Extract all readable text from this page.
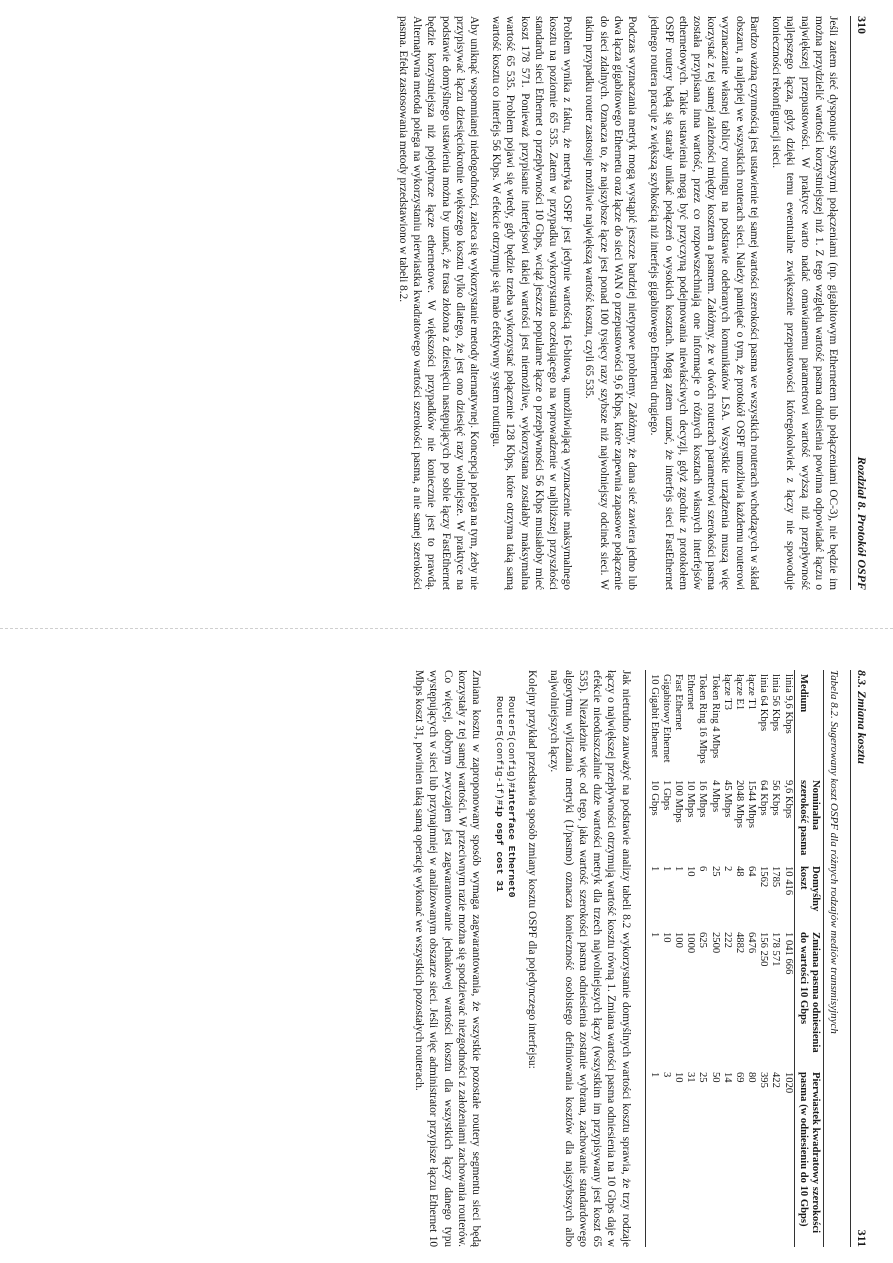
310
Rozdział 8. Protokół OSPF

Jeśli zatem sieć dysponuje szybszymi połączeniami (np. gigabitowym Ethernetem lub połączeniami OC-3), nie będzie im można przydzielić wartości korzystniejszej niż 1. Z tego względu wartość pasma odniesienia powinna odpowiadać łączu o największej przepustowości. W praktyce warto nadać omawianemu parametrowi wartość wyższą niż przepływność najlepszego łącza, gdyż dzięki temu ewentualne zwiększenie przepustowości któregokolwiek z łączy nie spowoduje konieczności rekonfiguracji sieci.

Bardzo ważną czynnością jest ustawienie tej samej wartości szerokości pasma we wszystkich routerach wchodzących w skład obszaru, a najlepiej we wszystkich routerach sieci. Należy pamiętać o tym, że protokół OSPF umożliwia każdemu routerowi wyznaczanie własnej tablicy routingu na podstawie odebranych komunikatów LSA. Wszystkie urządzenia muszą więc korzystać z tej samej zależności między kosztem a pasmem. Załóżmy, że w dwóch routerach parametrowi szerokości pasma została przypisana inna wartość, przez co rozpowszechniają one informacje o różnych kosztach własnych interfejsów ethernetowych. Takie ustawienia mogą być przyczyną podejmowania niewłaściwych decyzji, gdyż zgodnie z protokołem OSPF routery będą się starały unikać połączeń o wysokich kosztach. Mogą zatem uznać, że interfejs sieci FastEthernet jednego routera pracuje z większą szybkością niż interfejs gigabitowego Ethernetu drugiego.

Podczas wyznaczania metryk mogą wystąpić jeszcze bardziej nietypowe problemy. Załóżmy, że dana sieć zawiera jedno lub dwa łącza gigabitowego Ethernetu oraz łącze do sieci WAN o przepustowości 9,6 Kbps, które zapewnia zapasowe połączenie do sieci zdalnych. Oznacza to, że najszybsze łącze jest ponad 100 tysięcy razy szybsze niż najwolniejszy odcinek sieci. W takim przypadku router zastosuje możliwie największą wartość kosztu, czyli 65 535.

Problem wynika z faktu, że metryka OSPF jest jedynie wartością 16-bitową, umożliwiającą wyznaczenie maksymalnego kosztu na poziomie 65 535. Zatem w przypadku wykorzystania oczekującego na wprowadzenie w najbliższej przyszłości standardu sieci Ethernet o przepływności 10 Gbps, wciąż jeszcze popularne łącze o przepływności 56 Kbps musiałoby mieć koszt 178 571. Ponieważ przypisanie interfejsowi takiej wartości jest niemożliwe, wykorzystana zostałaby maksymalna wartość 65 535. Problem pojawi się wtedy, gdy będzie trzeba wykorzystać połączenie 128 Kbps, które otrzyma taką samą wartość kosztu co interfejs 56 Kbps. W efekcie otrzymuje się mało efektywny system routingu.

Aby uniknąć wspomnianej niedogodności, zaleca się wykorzystanie metody alternatywnej. Koncepcja polega na tym, żeby nie przypisywać łączu dziesięciokrotnie większego kosztu tylko dlatego, że jest ono dziesięć razy wolniejsze. W praktyce na podstawie domyślnego ustawienia można by uznać, że trasa złożona z dziesięciu następujących po sobie łączy FastEthernet będzie korzystniejsza niż pojedyncze łącze ethernetowe. W większości przypadków nie koniecznie jest to prawdą. Alternatywna metoda polega na wykorzystaniu pierwiastka kwadratowego wartości szerokości pasma, a nie samej szerokości pasma. Efekt zastosowania metody przedstawiono w tabeli 8.2.

8.3. Zmiana kosztu
311
Tabela 8.2. Sugerowany koszt OSPF dla różnych rodzajów mediów transmisyjnych
Medium	Nominalna szerokość pasma	Domyślny koszt	Zmiana pasma odniesienia do wartości 10 Gbps	Pierwiastek kwadratowy szerokości pasma (w odniesieniu do 10 Gbps)
linia 9,6 Kbps	9,6 Kbps	10 416	1 041 666	1020
linia 56 Kbps	56 Kbps	1785	178 571	422
linia 64 Kbps	64 Kbps	1562	156 250	395
łącze T1	1544 Mbps	64	6476	80
łącze E1	2048 Mbps	48	4882	69
łącze T3	45 Mbps	2	222	14
Token Ring 4 Mbps	4 Mbps	25	2500	50
Token Ring 16 Mbps	16 Mbps	6	625	25
Ethernet	10 Mbps	10	1000	31
Fast Ethernet	100 Mbps	1	100	10
Gigabitowy Ethernet	1 Gbps	1	10	3
10 Gigabit Ethernet	10 Gbps	1	1	1

Jak nietrudno zauważyć na podstawie analizy tabeli 8.2 wykorzystanie domyślnych wartości kosztu sprawia, że trzy rodzaje łączy o największej przepływności otrzymują wartość kosztu równą 1. Zmiana wartości pasma odniesienia na 10 Gbps daje w efekcie nieoduszczalnie duże wartości metryk dla trzech najwolniejszych łączy (wszystkim im przypisywany jest koszt 65 535). Niezależnie więc od tego, jaka wartość szerokości pasma odniesienia zostanie wybrana, zachowanie standardowego algorytmu wyliczania metryki (1/pasmo) oznacza konieczność osobistego definiowania kosztów dla najszybszych albo najwolniejszych łączy.

Kolejny przykład przedstawia sposób zmiany kosztu OSPF dla pojedynczego interfejsu:

Router5(config)#interface Ethernet0
Router5(config-if)#ip ospf cost 31

Zmiana kosztu w zaproponowany sposób wymaga zagwarantowania, że wszystkie pozostałe routery segmentu sieci będą korzystały z tej samej wartości. W przeciwnym razie można się spodziewać niezgodności z założeniami zachowania routerów. Co więcej, dobrym zwyczajem jest zagwarantowanie jednakowej wartości kosztu dla wszystkich łączy danego typu występujących w sieci lub przynajmniej w analizowanym obszarze sieci. Jeśli więc administrator przypisze łączu Ethernet 10 Mbps koszt 31, powinien taką samą operację wykonać we wszystkich pozostałych routerach.
